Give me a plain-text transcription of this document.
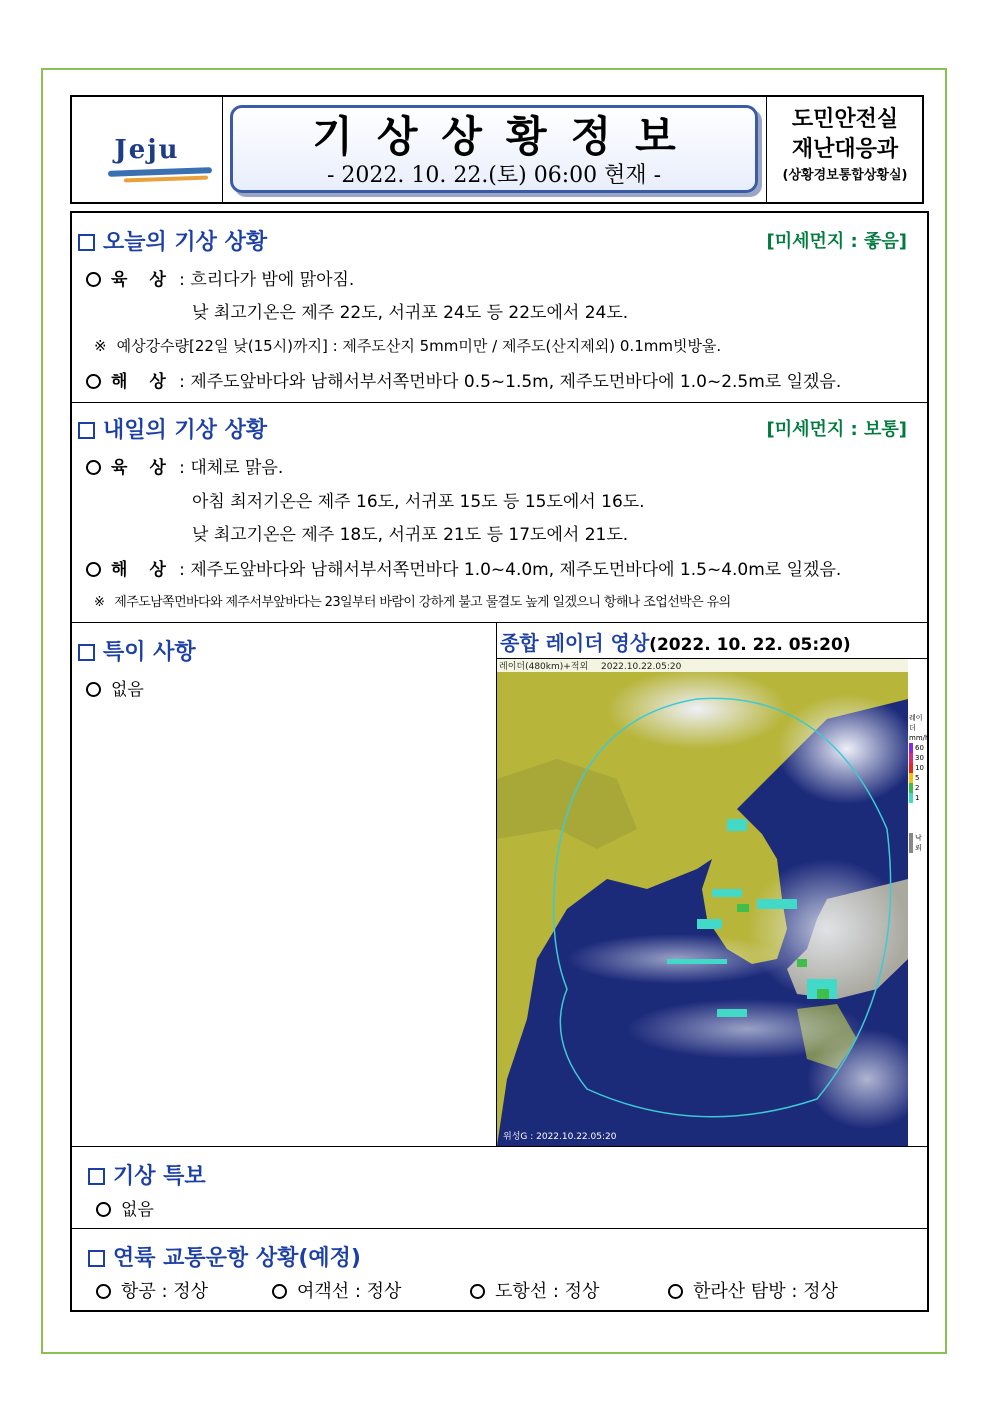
Jeju	기상상황정보
- 2022. 10. 22.(토) 06:00 현재 -
도민안전실
재난대응과
(상황경보통합상황실)
오늘의 기상 상황	[미세먼지 : 좋음]
육 상 : 흐리다가 밤에 맑아짐.
낮 최고기온은 제주 22도, 서귀포 24도 등 22도에서 24도.
※ 예상강수량[22일 낮(15시)까지] : 제주도산지 5mm미만 / 제주도(산지제외) 0.1mm빗방울.
해 상 : 제주도앞바다와 남해서부서쪽먼바다 0.5~1.5m, 제주도먼바다에 1.0~2.5m로 일겠음.
내일의 기상 상황	[미세먼지 : 보통]
육 상 : 대체로 맑음.
아침 최저기온은 제주 16도, 서귀포 15도 등 15도에서 16도.
낮 최고기온은 제주 18도, 서귀포 21도 등 17도에서 21도.
해 상 : 제주도앞바다와 남해서부서쪽먼바다 1.0~4.0m, 제주도먼바다에 1.5~4.0m로 일겠음.
※ 제주도남쪽먼바다와 제주서부앞바다는 23일부터 바람이 강하게 불고 물결도 높게 일겠으니 항해나 조업선박은 유의
특이 사항
없음
종합 레이더 영상(2022. 10. 22. 05:20)
레이더(480km)+적외 2022.10.22.05:20
위성G : 2022.10.22.05:20
레이더
mm/h
60
30
10
5
2
1
낙뢰
기상 특보
없음
연륙 교통운항 상황(예정)
항공 : 정상	여객선 : 정상	도항선 : 정상	한라산 탐방 : 정상
